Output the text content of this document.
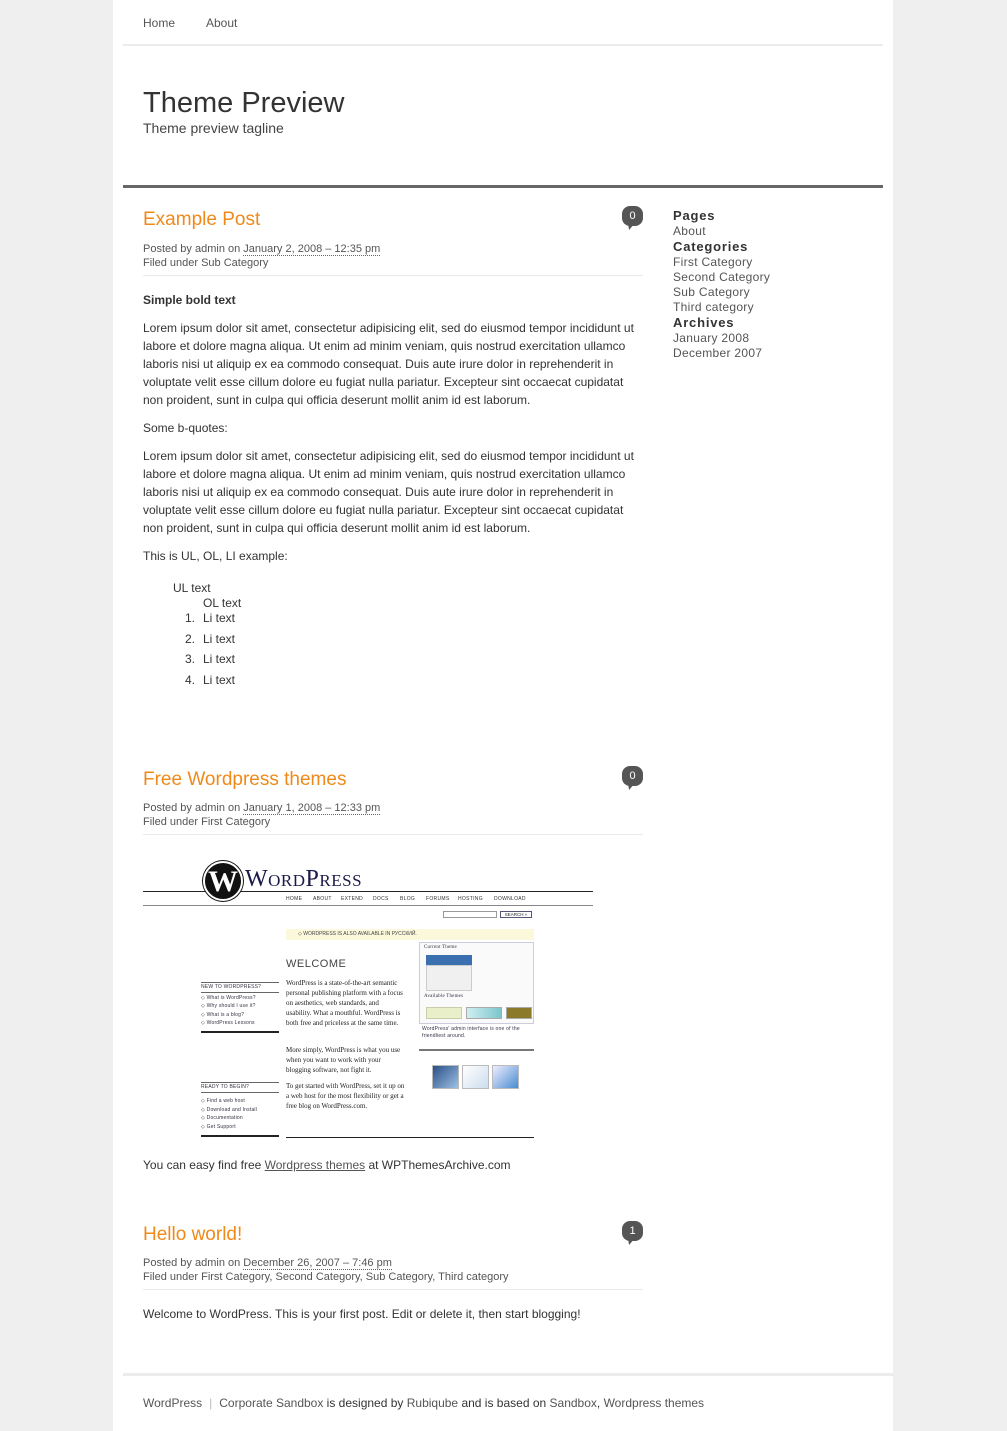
Home	About
Theme Preview
Theme preview tagline
Example Post	0
Posted by admin on January 2, 2008 – 12:35 pm
Filed under Sub Category

Simple bold text

Lorem ipsum dolor sit amet, consectetur adipisicing elit, sed do eiusmod tempor incididunt ut labore et dolore magna aliqua. Ut enim ad minim veniam, quis nostrud exercitation ullamco laboris nisi ut aliquip ex ea commodo consequat. Duis aute irure dolor in reprehenderit in voluptate velit esse cillum dolore eu fugiat nulla pariatur. Excepteur sint occaecat cupidatat non proident, sunt in culpa qui officia deserunt mollit anim id est laborum.

Some b-quotes:

Lorem ipsum dolor sit amet, consectetur adipisicing elit, sed do eiusmod tempor incididunt ut labore et dolore magna aliqua. Ut enim ad minim veniam, quis nostrud exercitation ullamco laboris nisi ut aliquip ex ea commodo consequat. Duis aute irure dolor in reprehenderit in voluptate velit esse cillum dolore eu fugiat nulla pariatur. Excepteur sint occaecat cupidatat non proident, sunt in culpa qui officia deserunt mollit anim id est laborum.

This is UL, OL, LI example:

UL text
OL text
1. Li text
2. Li text
3. Li text
4. Li text
Free Wordpress themes	0
Posted by admin on January 1, 2008 – 12:33 pm
Filed under First Category
W WordPress
HOME ABOUT EXTEND DOCS BLOG FORUMS HOSTING DOWNLOAD
SEARCH »
◇ WORDPRESS IS ALSO AVAILABLE IN РУССКИЙ.
WELCOME
NEW TO WORDPRESS?
◇ What is WordPress?
◇ Why should I use it?
◇ What is a blog?
◇ WordPress Lessons
READY TO BEGIN?
◇ Find a web host
◇ Download and Install
◇ Documentation
◇ Get Support
WordPress is a state-of-the-art semantic personal publishing platform with a focus on aesthetics, web standards, and usability. What a mouthful. WordPress is both free and priceless at the same time.
More simply, WordPress is what you use when you want to work with your blogging software, not fight it.
To get started with WordPress, set it up on a web host for the most flexibility or get a free blog on WordPress.com.
Current Theme
Available Themes
WordPress' admin interface is one of the friendliest around.
You can easy find free Wordpress themes at WPThemesArchive.com
Hello world!	1
Posted by admin on December 26, 2007 – 7:46 pm
Filed under First Category, Second Category, Sub Category, Third category

Welcome to WordPress. This is your first post. Edit or delete it, then start blogging!

Pages
About
Categories
First Category
Second Category
Sub Category
Third category
Archives
January 2008
December 2007
WordPress | Corporate Sandbox is designed by Rubiqube and is based on Sandbox, Wordpress themes
